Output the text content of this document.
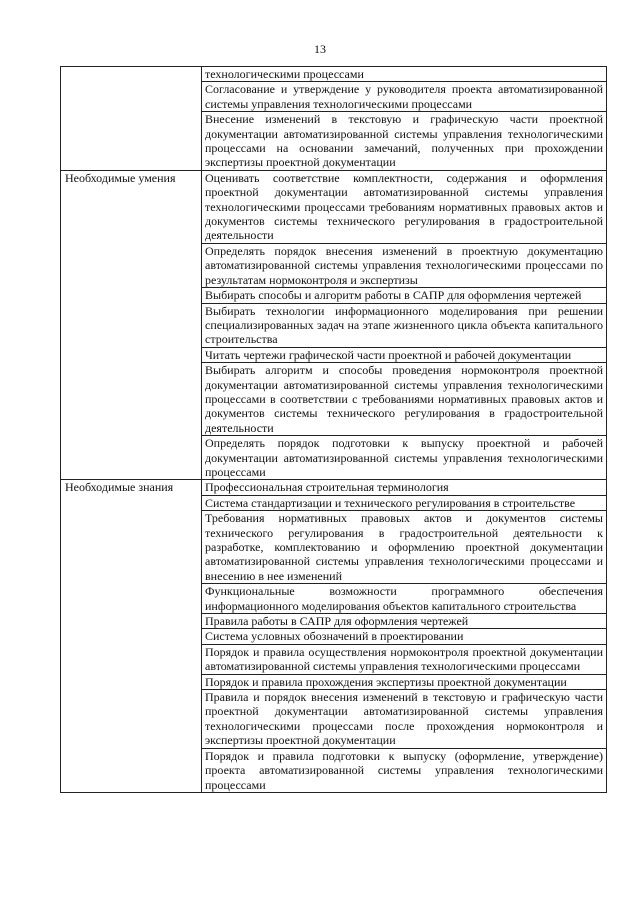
13
	технологическими процессами
	Согласование и утверждение у руководителя проекта автоматизированной системы управления технологическими процессами
	Внесение изменений в текстовую и графическую части проектной документации автоматизированной системы управления технологическими процессами на основании замечаний, полученных при прохождении экспертизы проектной документации
Необходимые умения	Оценивать соответствие комплектности, содержания и оформления проектной документации автоматизированной системы управления технологическими процессами требованиям нормативных правовых актов и документов системы технического регулирования в градостроительной деятельности
	Определять порядок внесения изменений в проектную документацию автоматизированной системы управления технологическими процессами по результатам нормоконтроля и экспертизы
	Выбирать способы и алгоритм работы в САПР для оформления чертежей
	Выбирать технологии информационного моделирования при решении специализированных задач на этапе жизненного цикла объекта капитального строительства
	Читать чертежи графической части проектной и рабочей документации
	Выбирать алгоритм и способы проведения нормоконтроля проектной документации автоматизированной системы управления технологическими процессами в соответствии с требованиями нормативных правовых актов и документов системы технического регулирования в градостроительной деятельности
	Определять порядок подготовки к выпуску проектной и рабочей документации автоматизированной системы управления технологическими процессами
Необходимые знания	Профессиональная строительная терминология
	Система стандартизации и технического регулирования в строительстве
	Требования нормативных правовых актов и документов системы технического регулирования в градостроительной деятельности к разработке, комплектованию и оформлению проектной документации автоматизированной системы управления технологическими процессами и внесению в нее изменений
	Функциональные возможности программного обеспечения информационного моделирования объектов капитального строительства
	Правила работы в САПР для оформления чертежей
	Система условных обозначений в проектировании
	Порядок и правила осуществления нормоконтроля проектной документации автоматизированной системы управления технологическими процессами
	Порядок и правила прохождения экспертизы проектной документации
	Правила и порядок внесения изменений в текстовую и графическую части проектной документации автоматизированной системы управления технологическими процессами после прохождения нормоконтроля и экспертизы проектной документации
	Порядок и правила подготовки к выпуску (оформление, утверждение) проекта автоматизированной системы управления технологическими процессами
